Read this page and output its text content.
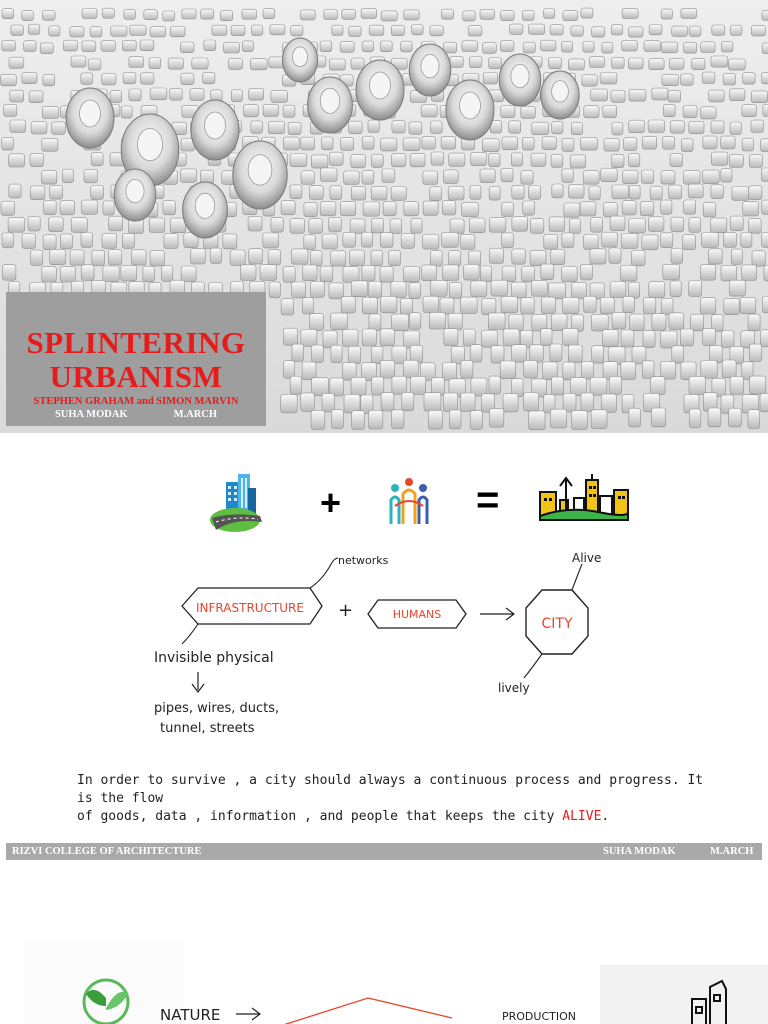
SPLINTERING
URBANISM
STEPHEN GRAHAM and SIMON MARVIN
SUHA MODAK	M.ARCH
+	=
INFRASTRUCTURE
networks
+	HUMANS
CITY
Alive
lively
Invisible physical
pipes, wires, ducts,
tunnel, streets
In order to survive , a city should always a continuous process and progress. It is the flow
of goods, data , information , and people that keeps the city ALIVE.
RIZVI COLLEGE OF ARCHITECTURE	SUHA MODAK	M.ARCH
NATURE	PRODUCTION
